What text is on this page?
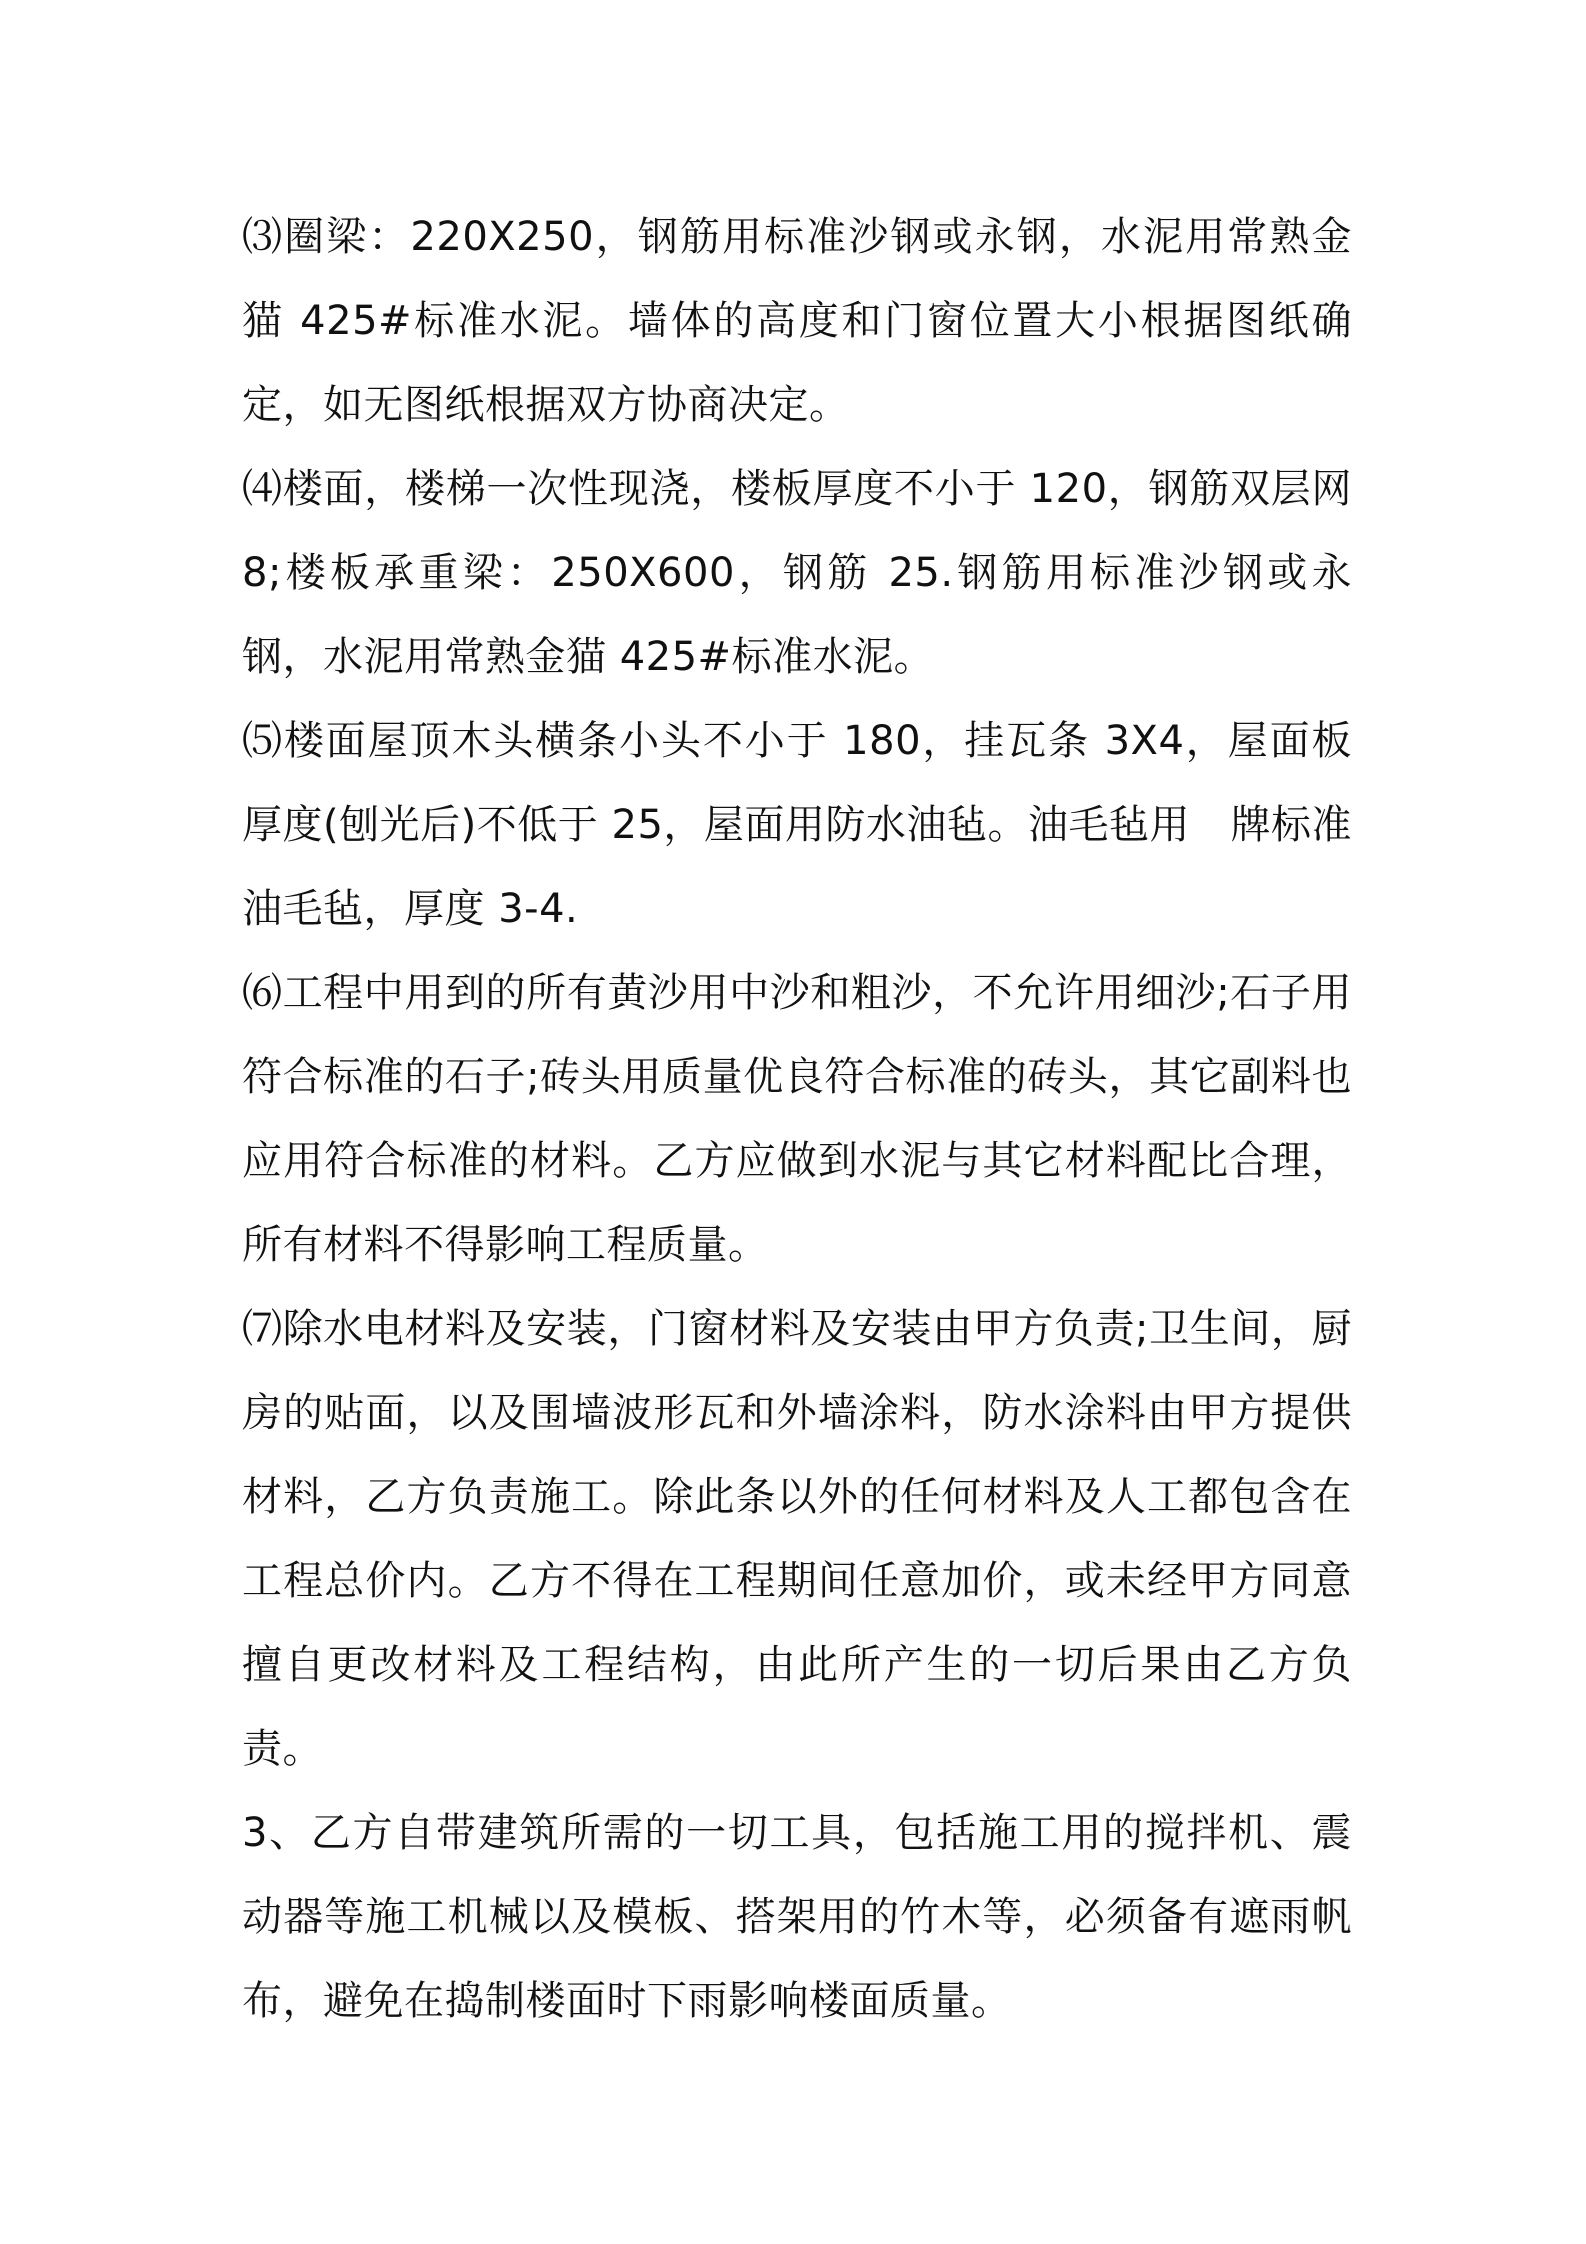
⑶圈梁：220X250，钢筋用标准沙钢或永钢，水泥用常熟金猫 425#标准水泥。墙体的高度和门窗位置大小根据图纸确定，如无图纸根据双方协商决定。

⑷楼面，楼梯一次性现浇，楼板厚度不小于 120，钢筋双层网 8;楼板承重梁：250X600，钢筋 25.钢筋用标准沙钢或永钢，水泥用常熟金猫 425#标准水泥。

⑸楼面屋顶木头横条小头不小于 180，挂瓦条 3X4，屋面板厚度(刨光后)不低于 25，屋面用防水油毡。油毛毡用　牌标准油毛毡，厚度 3-4.

⑹工程中用到的所有黄沙用中沙和粗沙，不允许用细沙;石子用符合标准的石子;砖头用质量优良符合标准的砖头，其它副料也应用符合标准的材料。乙方应做到水泥与其它材料配比合理，所有材料不得影响工程质量。

⑺除水电材料及安装，门窗材料及安装由甲方负责;卫生间，厨房的贴面，以及围墙波形瓦和外墙涂料，防水涂料由甲方提供材料，乙方负责施工。除此条以外的任何材料及人工都包含在工程总价内。乙方不得在工程期间任意加价，或未经甲方同意擅自更改材料及工程结构，由此所产生的一切后果由乙方负责。

3、乙方自带建筑所需的一切工具，包括施工用的搅拌机、震动器等施工机械以及模板、搭架用的竹木等，必须备有遮雨帆布，避免在捣制楼面时下雨影响楼面质量。
